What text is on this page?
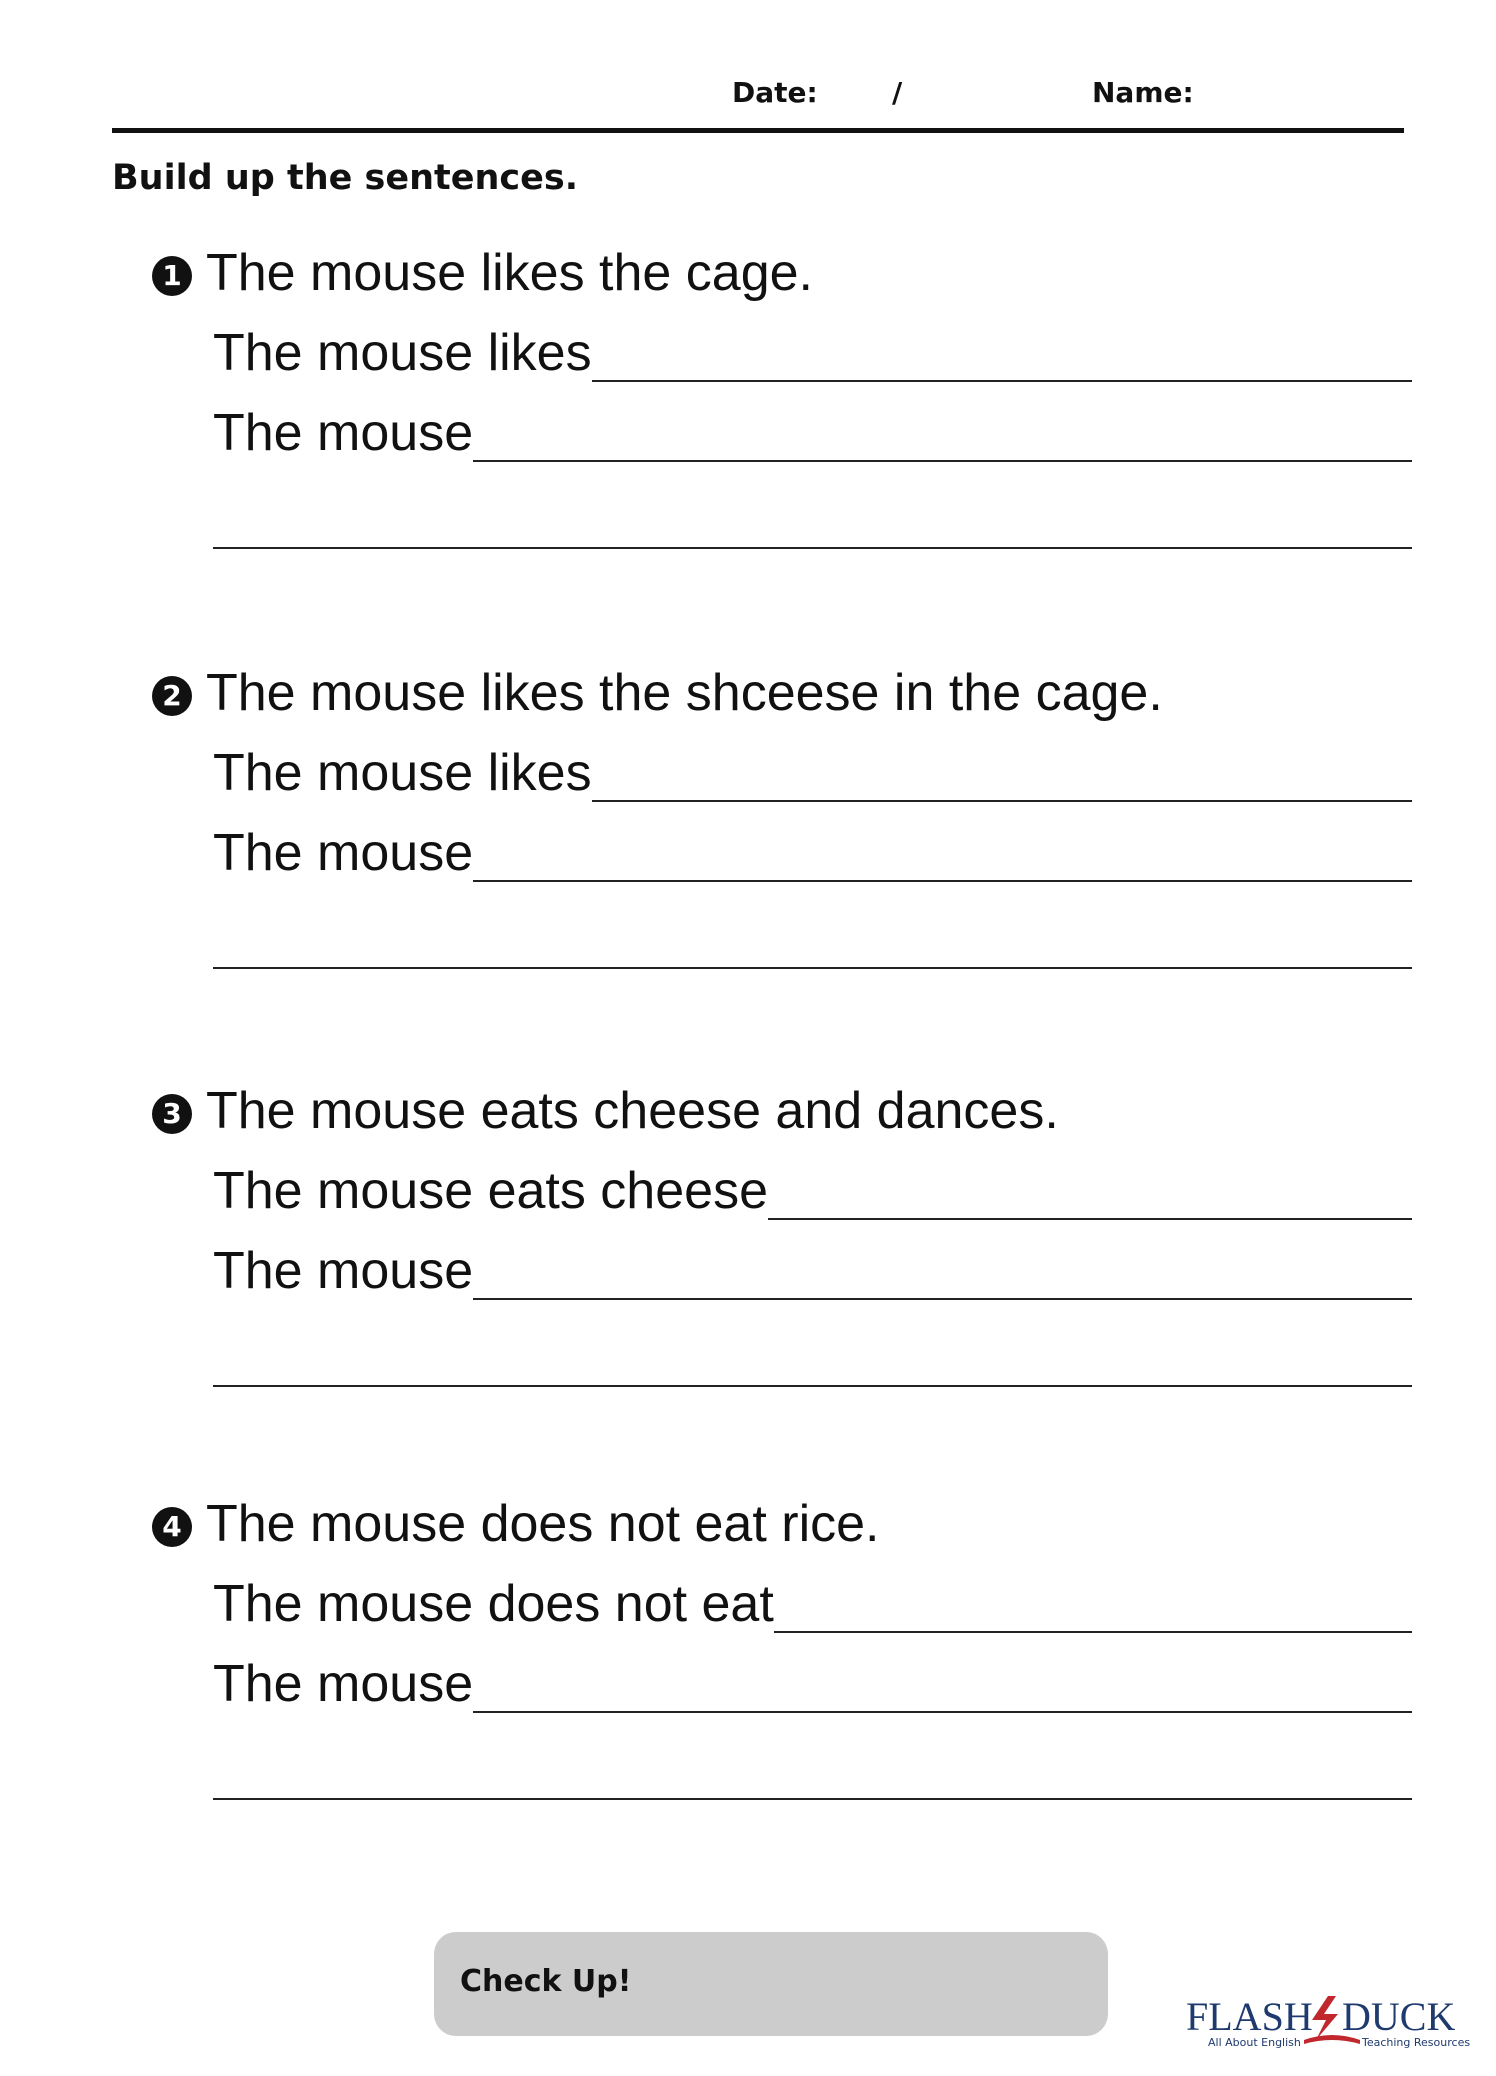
Date:	/	Name:
Build up the sentences.
1 The mouse likes the cage.
The mouse likes
The mouse
2 The mouse likes the shceese in the cage.
The mouse likes
The mouse
3 The mouse eats cheese and dances.
The mouse eats cheese
The mouse
4 The mouse does not eat rice.
The mouse does not eat
The mouse
Check Up!
FLASH DUCK
All About English	Teaching Resources
